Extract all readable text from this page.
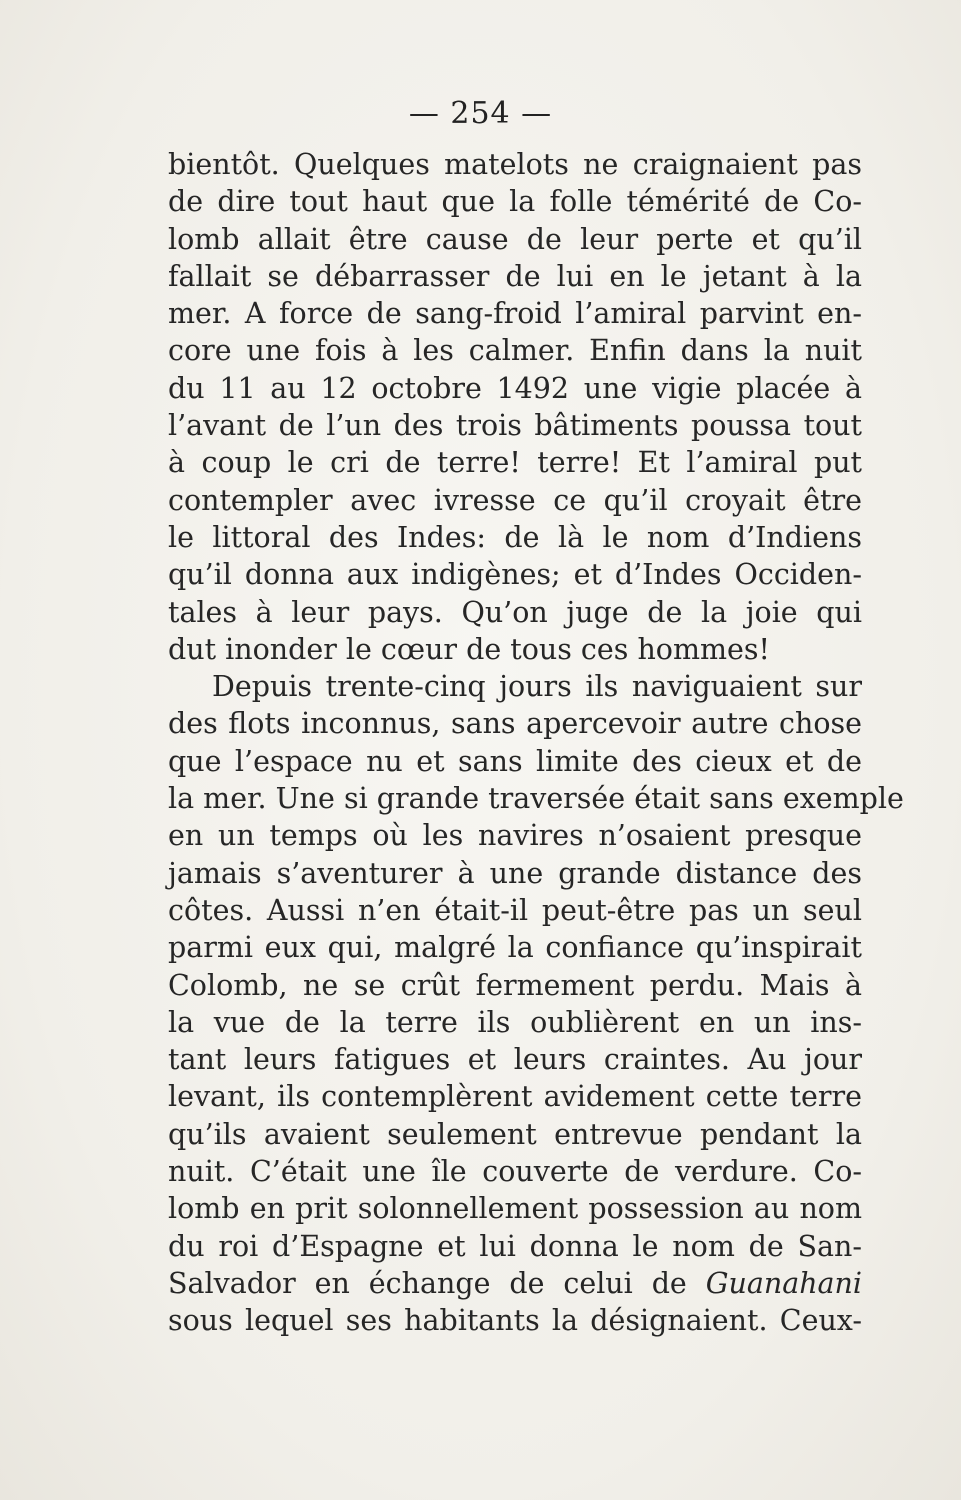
— 254 —
bientôt. Quelques matelots ne craignaient pas
de dire tout haut que la folle témérité de Co-
lomb allait être cause de leur perte et qu’il
fallait se débarrasser de lui en le jetant à la
mer. A force de sang-froid l’amiral parvint en-
core une fois à les calmer. Enfin dans la nuit
du 11 au 12 octobre 1492 une vigie placée à
l’avant de l’un des trois bâtiments poussa tout
à coup le cri de terre! terre! Et l’amiral put
contempler avec ivresse ce qu’il croyait être
le littoral des Indes: de là le nom d’Indiens
qu’il donna aux indigènes; et d’Indes Occiden-
tales à leur pays. Qu’on juge de la joie qui
dut inonder le cœur de tous ces hommes!
Depuis trente-cinq jours ils naviguaient sur
des flots inconnus, sans apercevoir autre chose
que l’espace nu et sans limite des cieux et de
la mer. Une si grande traversée était sans exemple
en un temps où les navires n’osaient presque
jamais s’aventurer à une grande distance des
côtes. Aussi n’en était-il peut-être pas un seul
parmi eux qui, malgré la confiance qu’inspirait
Colomb, ne se crût fermement perdu. Mais à
la vue de la terre ils oublièrent en un ins-
tant leurs fatigues et leurs craintes. Au jour
levant, ils contemplèrent avidement cette terre
qu’ils avaient seulement entrevue pendant la
nuit. C’était une île couverte de verdure. Co-
lomb en prit solonnellement possession au nom
du roi d’Espagne et lui donna le nom de San-
Salvador en échange de celui de Guanahani
sous lequel ses habitants la désignaient. Ceux-
